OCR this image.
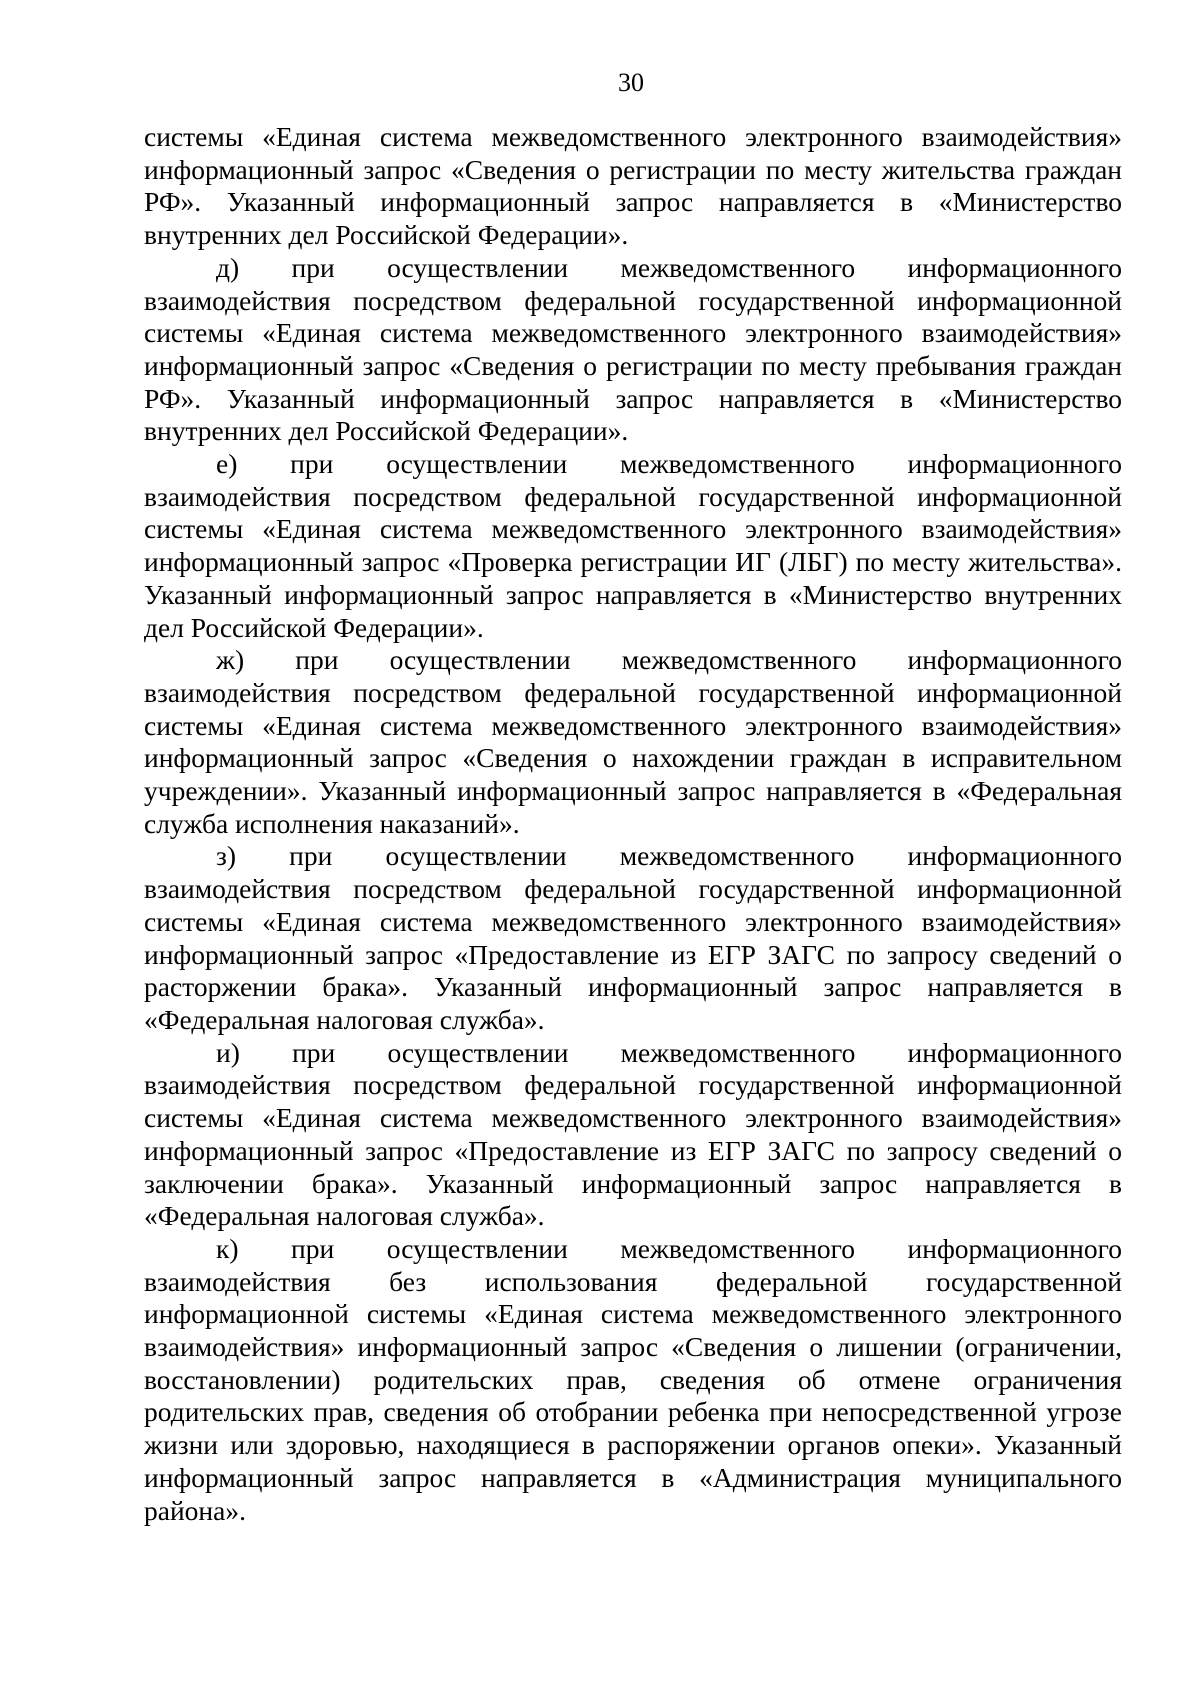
30

системы «Единая система межведомственного электронного взаимодействия» информационный запрос «Сведения о регистрации по месту жительства граждан РФ». Указанный информационный запрос направляется в «Министерство внутренних дел Российской Федерации».

д) при осуществлении межведомственного информационного взаимодействия посредством федеральной государственной информационной системы «Единая система межведомственного электронного взаимодействия» информационный запрос «Сведения о регистрации по месту пребывания граждан РФ». Указанный информационный запрос направляется в «Министерство внутренних дел Российской Федерации».

е) при осуществлении межведомственного информационного взаимодействия посредством федеральной государственной информационной системы «Единая система межведомственного электронного взаимодействия» информационный запрос «Проверка регистрации ИГ (ЛБГ) по месту жительства». Указанный информационный запрос направляется в «Министерство внутренних дел Российской Федерации».

ж) при осуществлении межведомственного информационного взаимодействия посредством федеральной государственной информационной системы «Единая система межведомственного электронного взаимодействия» информационный запрос «Сведения о нахождении граждан в исправительном учреждении». Указанный информационный запрос направляется в «Федеральная служба исполнения наказаний».

з) при осуществлении межведомственного информационного взаимодействия посредством федеральной государственной информационной системы «Единая система межведомственного электронного взаимодействия» информационный запрос «Предоставление из ЕГР ЗАГС по запросу сведений о расторжении брака». Указанный информационный запрос направляется в «Федеральная налоговая служба».

и) при осуществлении межведомственного информационного взаимодействия посредством федеральной государственной информационной системы «Единая система межведомственного электронного взаимодействия» информационный запрос «Предоставление из ЕГР ЗАГС по запросу сведений о заключении брака». Указанный информационный запрос направляется в «Федеральная налоговая служба».

к) при осуществлении межведомственного информационного взаимодействия без использования федеральной государственной информационной системы «Единая система межведомственного электронного взаимодействия» информационный запрос «Сведения о лишении (ограничении, восстановлении) родительских прав, сведения об отмене ограничения родительских прав, сведения об отобрании ребенка при непосредственной угрозе жизни или здоровью, находящиеся в распоряжении органов опеки». Указанный информационный запрос направляется в «Администрация муниципального района».
